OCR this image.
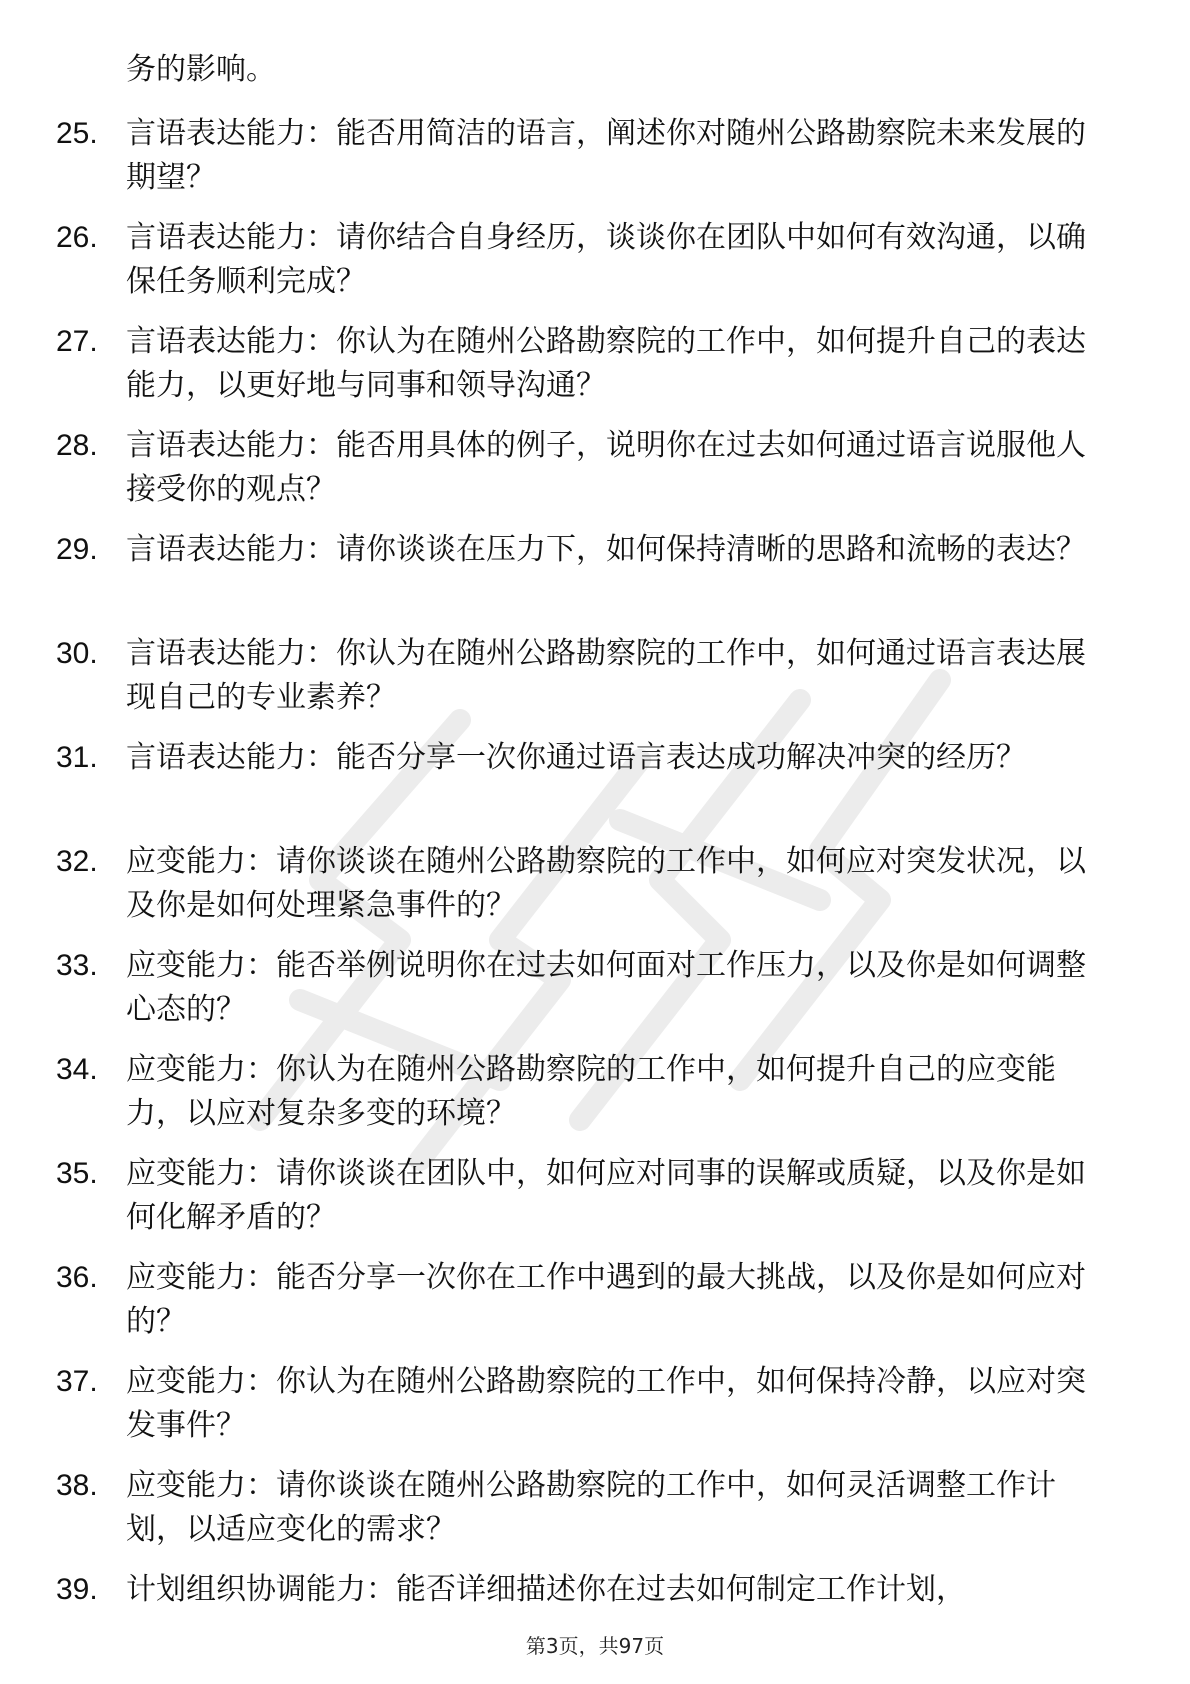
务的影响。

25. 言语表达能力：能否用简洁的语言，阐述你对随州公路勘察院未来发展的期望？
26. 言语表达能力：请你结合自身经历，谈谈你在团队中如何有效沟通，以确保任务顺利完成？
27. 言语表达能力：你认为在随州公路勘察院的工作中，如何提升自己的表达能力，以更好地与同事和领导沟通？
28. 言语表达能力：能否用具体的例子，说明你在过去如何通过语言说服他人接受你的观点？
29. 言语表达能力：请你谈谈在压力下，如何保持清晰的思路和流畅的表达？
30. 言语表达能力：你认为在随州公路勘察院的工作中，如何通过语言表达展现自己的专业素养？
31. 言语表达能力：能否分享一次你通过语言表达成功解决冲突的经历？
32. 应变能力：请你谈谈在随州公路勘察院的工作中，如何应对突发状况，以及你是如何处理紧急事件的？
33. 应变能力：能否举例说明你在过去如何面对工作压力，以及你是如何调整心态的？
34. 应变能力：你认为在随州公路勘察院的工作中，如何提升自己的应变能力，以应对复杂多变的环境？
35. 应变能力：请你谈谈在团队中，如何应对同事的误解或质疑，以及你是如何化解矛盾的？
36. 应变能力：能否分享一次你在工作中遇到的最大挑战，以及你是如何应对的？
37. 应变能力：你认为在随州公路勘察院的工作中，如何保持冷静，以应对突发事件？
38. 应变能力：请你谈谈在随州公路勘察院的工作中，如何灵活调整工作计划，以适应变化的需求？
39. 计划组织协调能力：能否详细描述你在过去如何制定工作计划，
第3页，共97页
